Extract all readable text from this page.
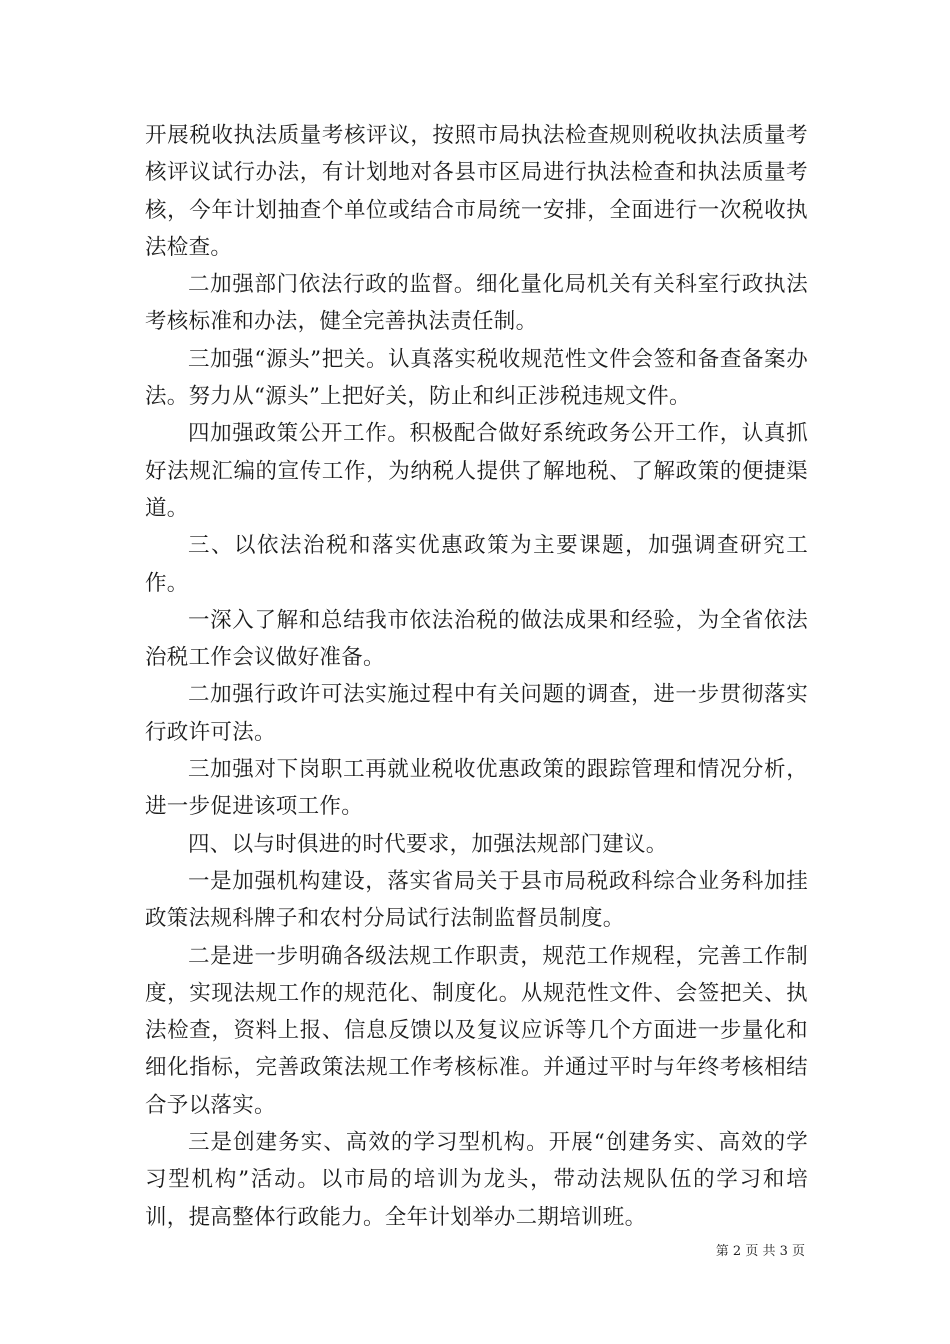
开展税收执法质量考核评议，按照市局执法检查规则税收执法质量考核评议试行办法，有计划地对各县市区局进行执法检查和执法质量考核，今年计划抽查个单位或结合市局统一安排，全面进行一次税收执法检查。

二加强部门依法行政的监督。细化量化局机关有关科室行政执法考核标准和办法，健全完善执法责任制。

三加强“源头”把关。认真落实税收规范性文件会签和备查备案办法。努力从“源头”上把好关，防止和纠正涉税违规文件。

四加强政策公开工作。积极配合做好系统政务公开工作，认真抓好法规汇编的宣传工作，为纳税人提供了解地税、了解政策的便捷渠道。

三、以依法治税和落实优惠政策为主要课题，加强调查研究工作。

一深入了解和总结我市依法治税的做法成果和经验，为全省依法治税工作会议做好准备。

二加强行政许可法实施过程中有关问题的调查，进一步贯彻落实行政许可法。

三加强对下岗职工再就业税收优惠政策的跟踪管理和情况分析，进一步促进该项工作。

四、以与时俱进的时代要求，加强法规部门建议。

一是加强机构建设，落实省局关于县市局税政科综合业务科加挂政策法规科牌子和农村分局试行法制监督员制度。

二是进一步明确各级法规工作职责，规范工作规程，完善工作制度，实现法规工作的规范化、制度化。从规范性文件、会签把关、执法检查，资料上报、信息反馈以及复议应诉等几个方面进一步量化和细化指标，完善政策法规工作考核标准。并通过平时与年终考核相结合予以落实。

三是创建务实、高效的学习型机构。开展“创建务实、高效的学习型机构”活动。以市局的培训为龙头，带动法规队伍的学习和培训，提高整体行政能力。全年计划举办二期培训班。

第 2 页 共 3 页
